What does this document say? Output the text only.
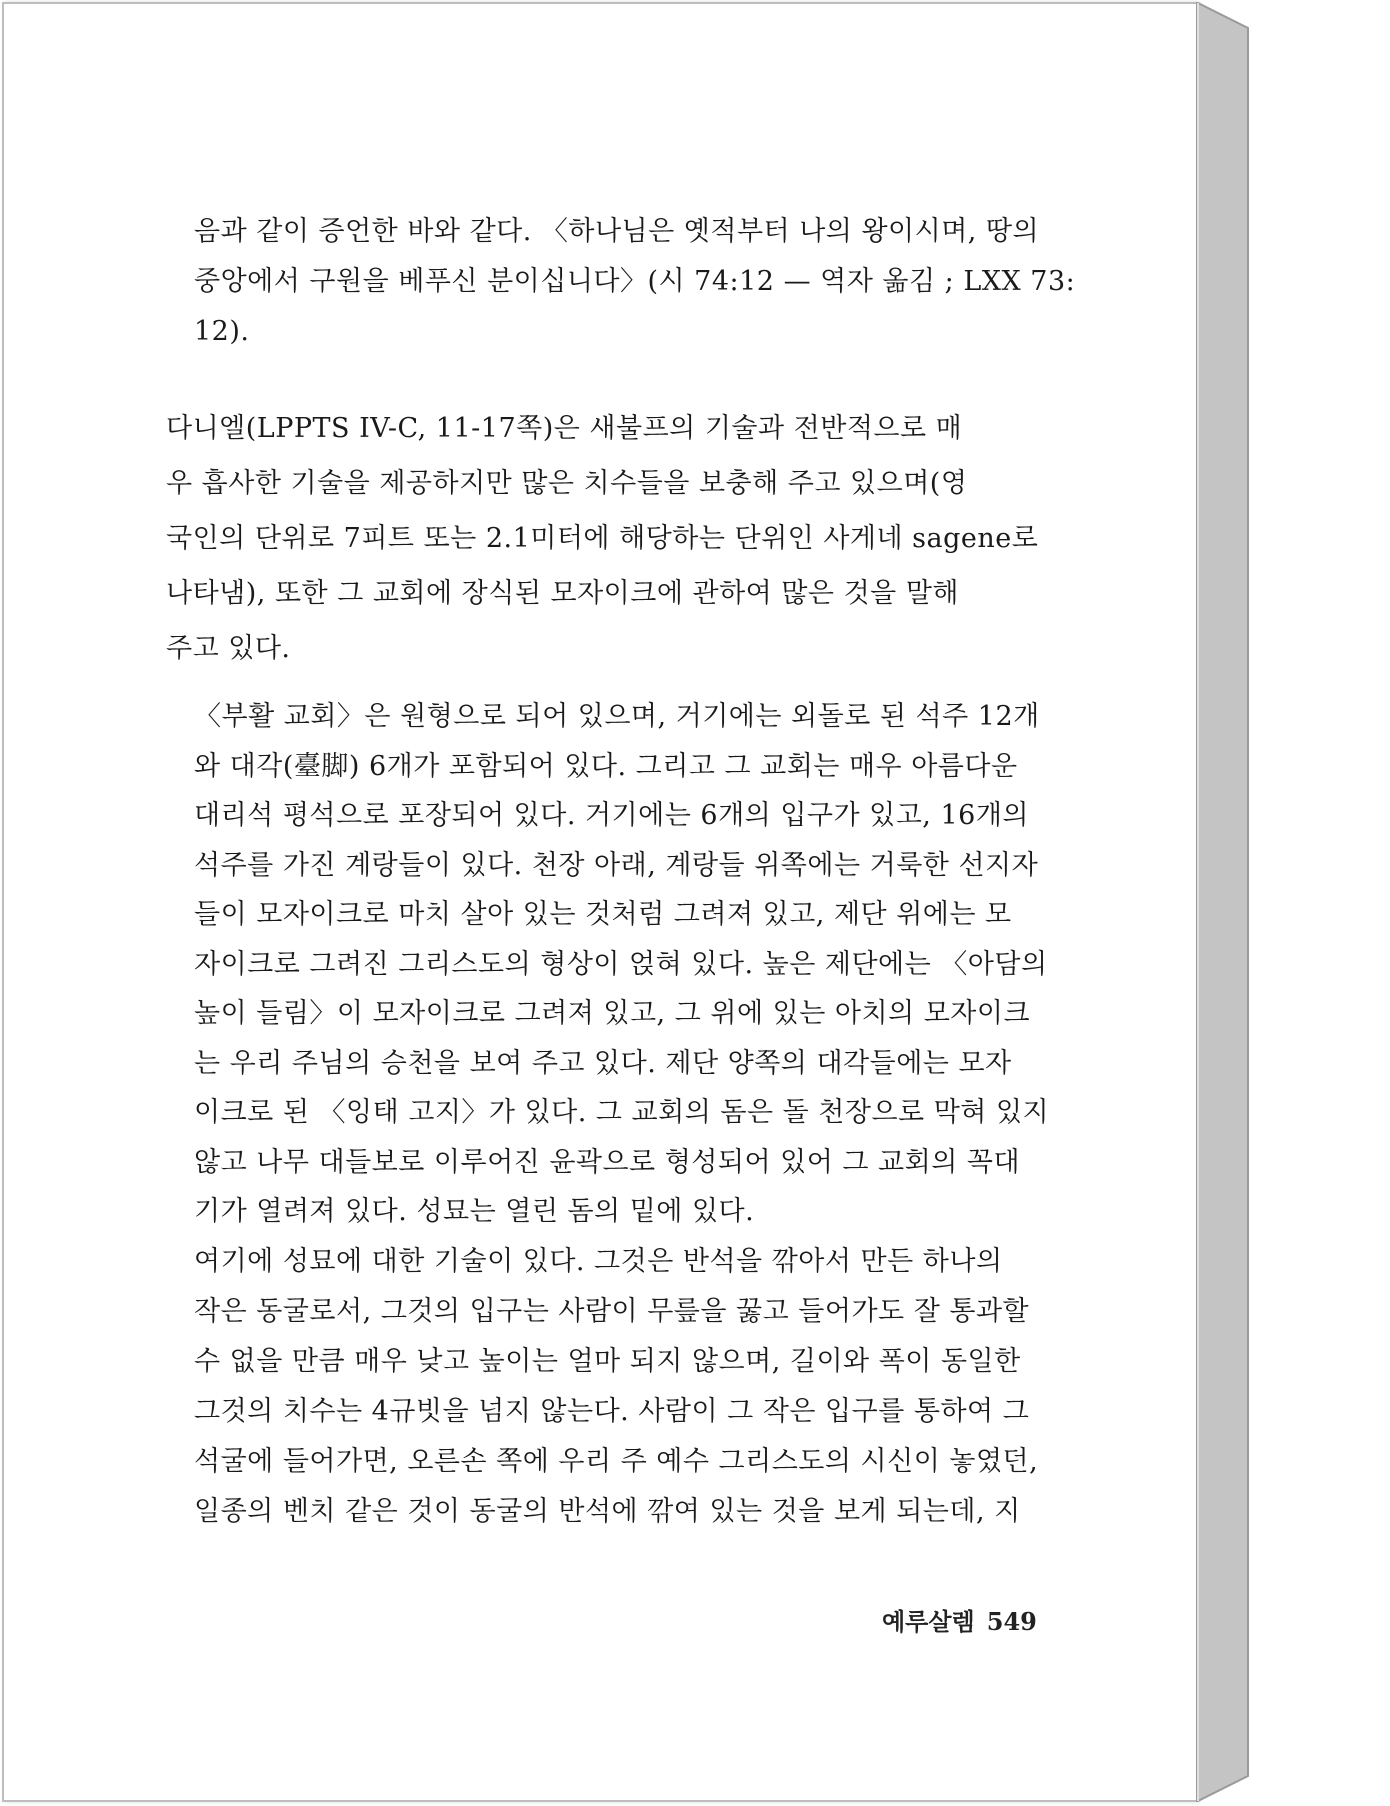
음과 같이 증언한 바와 같다. 〈하나님은 옛적부터 나의 왕이시며, 땅의
중앙에서 구원을 베푸신 분이십니다〉(시 74:12 — 역자 옮김 ; LXX 73:
12).
다니엘(LPPTS IV-C, 11-17쪽)은 새불프의 기술과 전반적으로 매
우 흡사한 기술을 제공하지만 많은 치수들을 보충해 주고 있으며(영
국인의 단위로 7피트 또는 2.1미터에 해당하는 단위인 사게네 sagene로
나타냄), 또한 그 교회에 장식된 모자이크에 관하여 많은 것을 말해
주고 있다.
〈부활 교회〉은 원형으로 되어 있으며, 거기에는 외돌로 된 석주 12개
와 대각(臺脚) 6개가 포함되어 있다. 그리고 그 교회는 매우 아름다운
대리석 평석으로 포장되어 있다. 거기에는 6개의 입구가 있고, 16개의
석주를 가진 계랑들이 있다. 천장 아래, 계랑들 위쪽에는 거룩한 선지자
들이 모자이크로 마치 살아 있는 것처럼 그려져 있고, 제단 위에는 모
자이크로 그려진 그리스도의 형상이 얹혀 있다. 높은 제단에는 〈아담의
높이 들림〉이 모자이크로 그려져 있고, 그 위에 있는 아치의 모자이크
는 우리 주님의 승천을 보여 주고 있다. 제단 양쪽의 대각들에는 모자
이크로 된 〈잉태 고지〉가 있다. 그 교회의 돔은 돌 천장으로 막혀 있지
않고 나무 대들보로 이루어진 윤곽으로 형성되어 있어 그 교회의 꼭대
기가 열려져 있다. 성묘는 열린 돔의 밑에 있다.
여기에 성묘에 대한 기술이 있다. 그것은 반석을 깎아서 만든 하나의
작은 동굴로서, 그것의 입구는 사람이 무릎을 꿇고 들어가도 잘 통과할
수 없을 만큼 매우 낮고 높이는 얼마 되지 않으며, 길이와 폭이 동일한
그것의 치수는 4규빗을 넘지 않는다. 사람이 그 작은 입구를 통하여 그
석굴에 들어가면, 오른손 쪽에 우리 주 예수 그리스도의 시신이 놓였던,
일종의 벤치 같은 것이 동굴의 반석에 깎여 있는 것을 보게 되는데, 지
예루살렘 549
